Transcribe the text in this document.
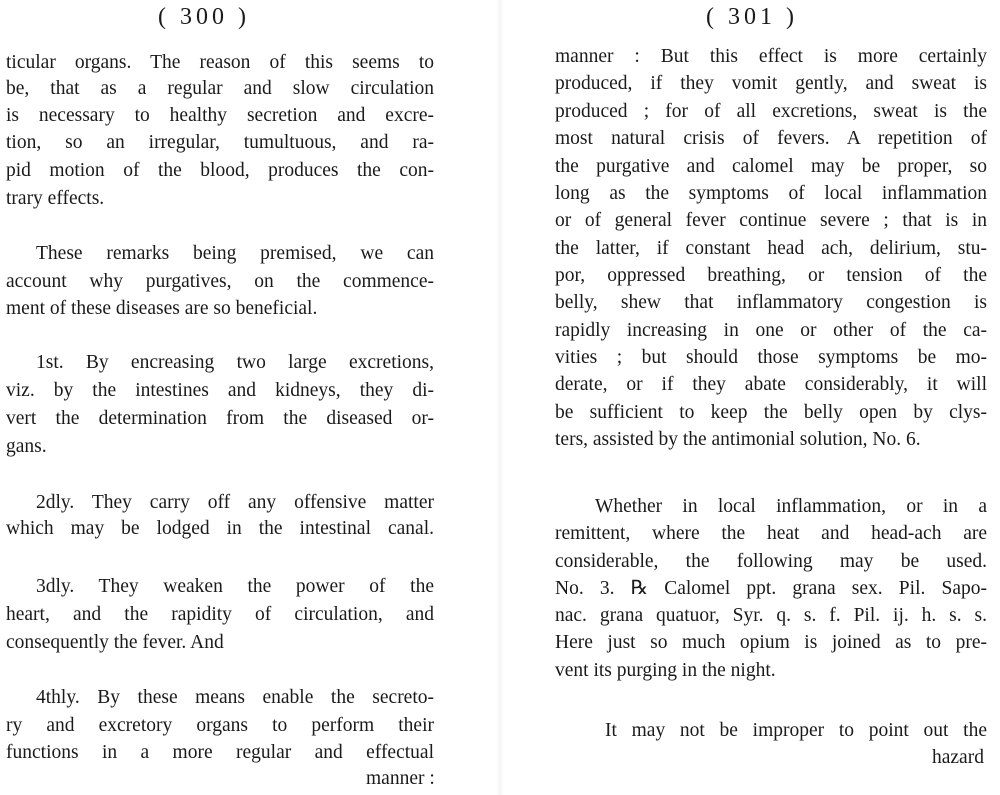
( 300 )
ticular organs. The reason of this seems to
be, that as a regular and slow circulation
is necessary to healthy secretion and excre-
tion, so an irregular, tumultuous, and ra-
pid motion of the blood, produces the con-
trary effects.
These remarks being premised, we can
account why purgatives, on the commence-
ment of these diseases are so beneficial.
1st. By encreasing two large excretions,
viz. by the intestines and kidneys, they di-
vert the determination from the diseased or-
gans.
2dly. They carry off any offensive matter
which may be lodged in the intestinal canal.
3dly. They weaken the power of the
heart, and the rapidity of circulation, and
consequently the fever. And
4thly. By these means enable the secreto-
ry and excretory organs to perform their
functions in a more regular and effectual
manner :
( 301 )
manner : But this effect is more certainly
produced, if they vomit gently, and sweat is
produced ; for of all excretions, sweat is the
most natural crisis of fevers. A repetition of
the purgative and calomel may be proper, so
long as the symptoms of local inflammation
or of general fever continue severe ; that is in
the latter, if constant head ach, delirium, stu-
por, oppressed breathing, or tension of the
belly, shew that inflammatory congestion is
rapidly increasing in one or other of the ca-
vities ; but should those symptoms be mo-
derate, or if they abate considerably, it will
be sufficient to keep the belly open by clys-
ters, assisted by the antimonial solution, No. 6.
Whether in local inflammation, or in a
remittent, where the heat and head-ach are
considerable, the following may be used.
No. 3. ℞ Calomel ppt. grana sex. Pil. Sapo-
nac. grana quatuor, Syr. q. s. f. Pil. ij. h. s. s.
Here just so much opium is joined as to pre-
vent its purging in the night.
It may not be improper to point out the
hazard
